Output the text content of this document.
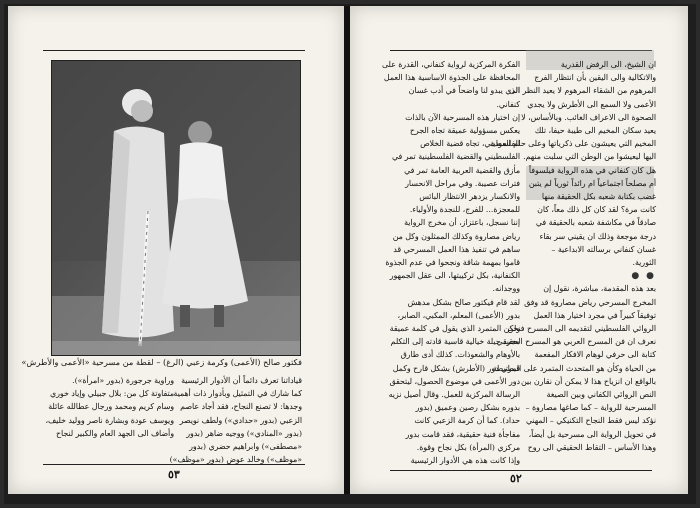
فكتور صالح (الأعمى) وكرمة زعبي (الرغ) – لقطة من مسرحية «الأعمى والأطرش»

قياداتنا تعرف دائماً أن الأدوار الرئيسية

كما شارك في التمثيل وبأدوار ذات أهمية

وجدها: لا تصنع النجاح، فقد أجاد عاصم

الزعبي (بدور «حدادي») ولطف نويصر

(بدور «المنادي») ووجيه ضاهر (بدور

«مصطفى») وابراهيم حضري (بدور

«موظف») وخالد عوض (بدور «موظف»)

وراوية جرجورة (بدور «امرأة»).

متفاوتة كل من: بلال جبيلي وإياد خوري

وسام كريم ومحمد ورجال عطالله عائلة

ويوسف عودة وبشارة ناصر ووليد خليف،

وأضاف الى الجهد العام والكبير لنجاح

٥٣

ان الشيخ، الى الرفض القدرية

والاتكالية والى اليقين بأن انتظار الفرج

المرهوم من الشقاء المرهوم لا يعيد النظر الى

الأعمى ولا السمع الى الأطرش ولا يجدي

الصحوة الى الاعراف الغائب. وبالأساس، لا

يعيد سكان المخيم الى طيبة حيفا، تلك

المخيم التي يعيشون على ذكرياتها وعلى حلم العودة

اليها ليعيشوا من الوطن التي سلبت منهم.

هل كان كنفاني في هذه الرواية فيلسوفاً

أم مصلحاً اجتماعياً ام رائداً ثورياً لم يتبن

غضب بكتابة شعبه بكل الحقيقة منها

كانت مرة؟ لقد كان كل ذلك معاً، كان

صادقاً في مكاشفة شعبه بالحقيقة في

درجة موجعة وذلك ان يقيني سر بقاء

غسان كنفاني برسالته الابداعية –

الثورية.

● ●

بعد هذه المقدمة، مباشرة، نقول إن

المخرج المسرحي رياض مصاروة قد وفق

توفيقاً كبيراً في مجرد اختيار هذا العمل

الروائي الفلسطيني لتقديمه الى المسرح فنحن

نعرف ان فن المسرح العربي هو المسرح الحقيقي

كتابة الى حرفي لوهام الافكار المفعمة

من الحياة وكأن هو المتحدث المتمرد على المرتبطة

بالواقع ان انزياح هذا لا يمكن أن نقارن بين

النص الروائي الكفاني وبين الصيغة

المسرحية للرواية – كما صاغها مصاروة –

نؤكد ليس فقط النجاح التكنيكي – المهني

في تحويل الرواية الى مسرحية بل أيضاً،

وهذا الأساس – التقاط الحقيقي الى روح

الفكرة المركزية لرواية كنفاني، القدرة على

المحافظة على الجذوة الاساسية هذا العمل

الذي يبدو لنا واضحاً في أدب غسان

كنفاني.

إن اختيار هذه المسرحية الآن بالذات

يعكس مسؤولية عميقة تجاه الجرح

الفلسطيني، تجاه قضية الخلاص

الفلسطيني والقضية الفلسطينية تمر في

مأزق والقضية العربية العامة تمر في

فترات عصيبة. وفي مراحل الانحسار

والانكسار يزدهر الانتظار البائس

للمعجزة... للفرج، للنجدة والأولياء.

إننا نسجل، باعتزاز، أن مخرج الرواية

رياض مصاروة وكذلك الممثلون وكل من

ساهم في تنفيذ هذا العمل المسرحي قد

قاموا بمهمة شاقة ونجحوا في عدم الجذوة

الكنفانية، بكل تركيبتها، الى عقل الجمهور

ووجدانه.

لقد قام فيكتور صالح بشكل مدهش

بدور (الأعمى) المعلم، المكبي، الصابر،

ولكن المتمرد الذي يقول في كلمة عميقة

مجرد حيلة خيالية قاسية قادته إلى التكلم

بالأوهام والشعوذات. كذلك أدى طارق

قبطي دور (الأطرش) بشكل قارح وكمل

دور الأعمى في موضوع الحصول، ليتحقق

الرسالة المركزية للعمل. وقال أصيل نزيه

بدوره بشكل رصين وعميق (بدور

حداد). كما أن كرمة الزعبي كانت

مفاجأة فنية حقيقية، فقد قامت بدور

مركزي (المرأة) بكل نجاح وقوة.

وإذا كانت هذه هي الأدوار الرئيسية

٥٢
